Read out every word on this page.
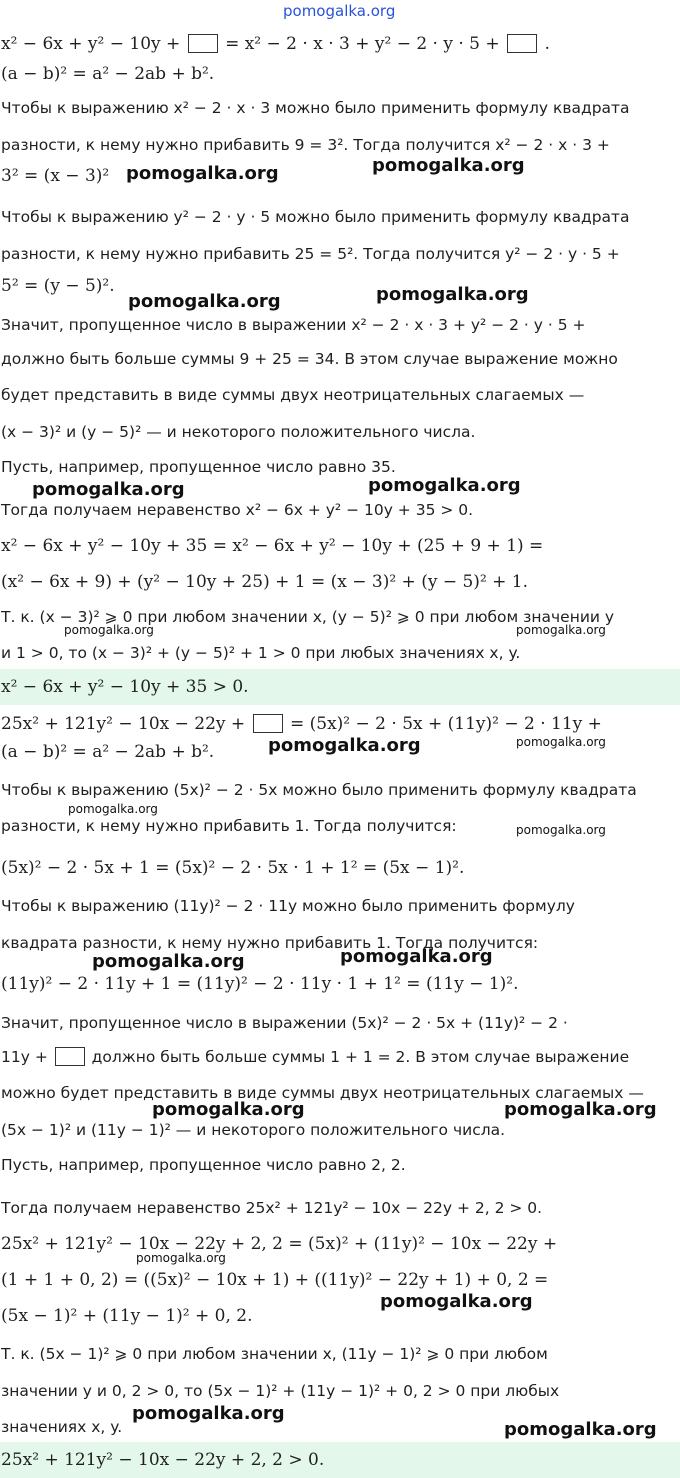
x² − 6x + y² − 10y +  = x² − 2 · x · 3 + y² − 2 · y · 5 +  .
(a − b)² = a² − 2ab + b².
Чтобы к выражению x² − 2 · x · 3 можно было применить формулу квадрата
разности, к нему нужно прибавить 9 = 3². Тогда получится x² − 2 · x · 3 +
3² = (x − 3)²
Чтобы к выражению y² − 2 · y · 5 можно было применить формулу квадрата
разности, к нему нужно прибавить 25 = 5². Тогда получится y² − 2 · y · 5 +
5² = (y − 5)².
Значит, пропущенное число в выражении x² − 2 · x · 3 + y² − 2 · y · 5 +
должно быть больше суммы 9 + 25 = 34. В этом случае выражение можно
будет представить в виде суммы двух неотрицательных слагаемых —
(x − 3)² и (y − 5)² — и некоторого положительного числа.
Пусть, например, пропущенное число равно 35.
Тогда получаем неравенство x² − 6x + y² − 10y + 35 > 0.
x² − 6x + y² − 10y + 35 = x² − 6x + y² − 10y + (25 + 9 + 1) =
(x² − 6x + 9) + (y² − 10y + 25) + 1 = (x − 3)² + (y − 5)² + 1.
Т. к. (x − 3)² ⩾ 0 при любом значении x, (y − 5)² ⩾ 0 при любом значении y
и 1 > 0, то (x − 3)² + (y − 5)² + 1 > 0 при любых значениях x, y.
x² − 6x + y² − 10y + 35 > 0.
25x² + 121y² − 10x − 22y +  = (5x)² − 2 · 5x + (11y)² − 2 · 11y +
(a − b)² = a² − 2ab + b².
Чтобы к выражению (5x)² − 2 · 5x можно было применить формулу квадрата
разности, к нему нужно прибавить 1. Тогда получится:
(5x)² − 2 · 5x + 1 = (5x)² − 2 · 5x · 1 + 1² = (5x − 1)².
Чтобы к выражению (11y)² − 2 · 11y можно было применить формулу
квадрата разности, к нему нужно прибавить 1. Тогда получится:
(11y)² − 2 · 11y + 1 = (11y)² − 2 · 11y · 1 + 1² = (11y − 1)².
Значит, пропущенное число в выражении (5x)² − 2 · 5x + (11y)² − 2 ·
11y +  должно быть больше суммы 1 + 1 = 2. В этом случае выражение
можно будет представить в виде суммы двух неотрицательных слагаемых —
(5x − 1)² и (11y − 1)² — и некоторого положительного числа.
Пусть, например, пропущенное число равно 2, 2.
Тогда получаем неравенство 25x² + 121y² − 10x − 22y + 2, 2 > 0.
25x² + 121y² − 10x − 22y + 2, 2 = (5x)² + (11y)² − 10x − 22y +
(1 + 1 + 0, 2) = ((5x)² − 10x + 1) + ((11y)² − 22y + 1) + 0, 2 =
(5x − 1)² + (11y − 1)² + 0, 2.
Т. к. (5x − 1)² ⩾ 0 при любом значении x, (11y − 1)² ⩾ 0 при любом
значении y и 0, 2 > 0, то (5x − 1)² + (11y − 1)² + 0, 2 > 0 при любых
значениях x, y.
25x² + 121y² − 10x − 22y + 2, 2 > 0.
pomogalka.org
pomogalka.org	pomogalka.org
pomogalka.org	pomogalka.org
pomogalka.org	pomogalka.org
pomogalka.org	pomogalka.org
pomogalka.org	pomogalka.org
pomogalka.org
pomogalka.org
pomogalka.org	pomogalka.org
pomogalka.org	pomogalka.org
pomogalka.org
pomogalka.org
pomogalka.org
pomogalka.org
